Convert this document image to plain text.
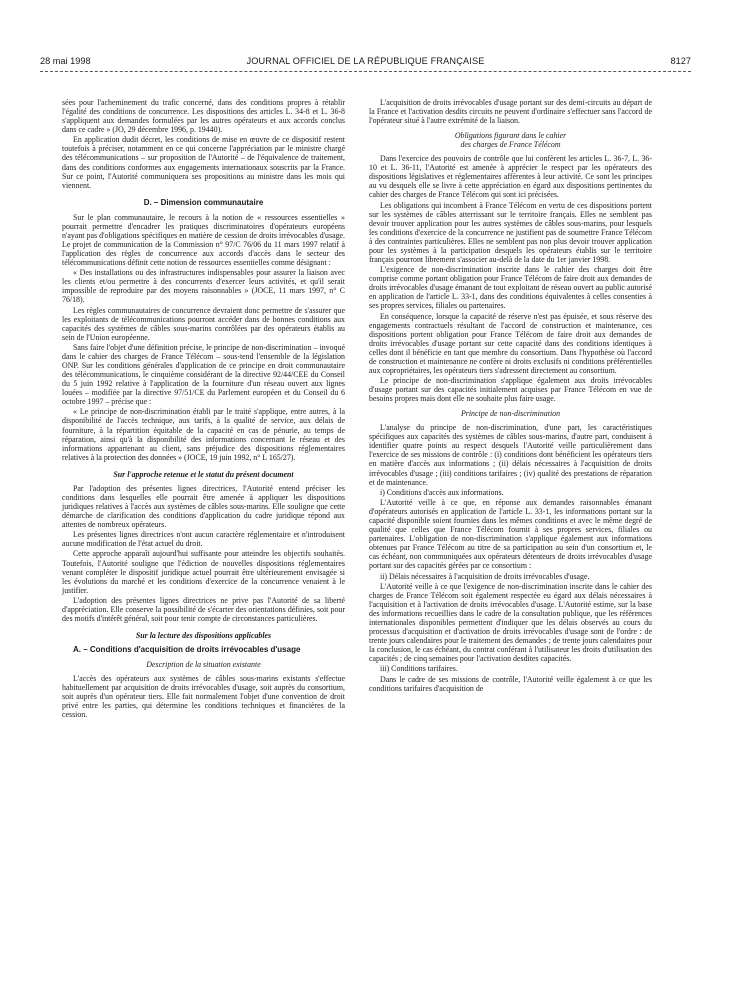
28 mai 1998	JOURNAL OFFICIEL DE LA RÉPUBLIQUE FRANÇAISE	8127

sées pour l'acheminement du trafic concerné, dans des conditions propres à rétablir l'égalité des conditions de concurrence. Les dispositions des articles L. 34-8 et L. 36-8 s'appliquent aux demandes formulées par les autres opérateurs et aux accords conclus dans ce cadre » (JO, 29 décembre 1996, p. 19440).

En application dudit décret, les conditions de mise en œuvre de ce dispositif restent toutefois à préciser, notamment en ce qui concerne l'appréciation par le ministre chargé des télécommunications – sur proposition de l'Autorité – de l'équivalence de traitement, dans des conditions conformes aux engagements internationaux souscrits par la France. Sur ce point, l'Autorité communiquera ses propositions au ministre dans les mois qui viennent.

D. – Dimension communautaire

Sur le plan communautaire, le recours à la notion de « ressources essentielles » pourrait permettre d'encadrer les pratiques discriminatoires d'opérateurs européens n'ayant pas d'obligations spécifiques en matière de cession de droits irrévocables d'usage. Le projet de communication de la Commission n° 97/C 76/06 du 11 mars 1997 relatif à l'application des règles de concurrence aux accords d'accès dans le secteur des télécommunications définit cette notion de ressources essentielles comme désignant :

« Des installations ou des infrastructures indispensables pour assurer la liaison avec les clients et/ou permettre à des concurrents d'exercer leurs activités, et qu'il serait impossible de reproduire par des moyens raisonnables » (JOCE, 11 mars 1997, n° C 76/18).

Les règles communautaires de concurrence devraient donc permettre de s'assurer que les exploitants de télécommunications pourront accéder dans de bonnes conditions aux capacités des systèmes de câbles sous-marins contrôlées par des opérateurs établis au sein de l'Union européenne.

Sans faire l'objet d'une définition précise, le principe de non-discrimination – invoqué dans le cahier des charges de France Télécom – sous-tend l'ensemble de la législation ONP. Sur les conditions générales d'application de ce principe en droit communautaire des télécommunications, le cinquième considérant de la directive 92/44/CEE du Conseil du 5 juin 1992 relative à l'application de la fourniture d'un réseau ouvert aux lignes louées – modifiée par la directive 97/51/CE du Parlement européen et du Conseil du 6 octobre 1997 – précise que :

« Le principe de non-discrimination établi par le traité s'applique, entre autres, à la disponibilité de l'accès technique, aux tarifs, à la qualité de service, aux délais de fourniture, à la répartition équitable de la capacité en cas de pénurie, au temps de réparation, ainsi qu'à la disponibilité des informations concernant le réseau et des informations appartenant au client, sans préjudice des dispositions réglementaires relatives à la protection des données » (JOCE, 19 juin 1992, n° L 165/27).

Sur l'approche retenue et le statut du présent document

Par l'adoption des présentes lignes directrices, l'Autorité entend préciser les conditions dans lesquelles elle pourrait être amenée à appliquer les dispositions juridiques relatives à l'accès aux systèmes de câbles sous-marins. Elle souligne que cette démarche de clarification des conditions d'application du cadre juridique répond aux attentes de nombreux opérateurs.

Les présentes lignes directrices n'ont aucun caractère réglementaire et n'introduisent aucune modification de l'état actuel du droit.

Cette approche apparaît aujourd'hui suffisante pour atteindre les objectifs souhaités. Toutefois, l'Autorité souligne que l'édiction de nouvelles dispositions réglementaires venant compléter le dispositif juridique actuel pourrait être ultérieurement envisagée si les évolutions du marché et les conditions d'exercice de la concurrence venaient à le justifier.

L'adoption des présentes lignes directrices ne prive pas l'Autorité de sa liberté d'appréciation. Elle conserve la possibilité de s'écarter des orientations définies, soit pour des motifs d'intérêt général, soit pour tenir compte de circonstances particulières.

Sur la lecture des dispositions applicables
A. – Conditions d'acquisition de droits irrévocables d'usage
Description de la situation existante

L'accès des opérateurs aux systèmes de câbles sous-marins existants s'effectue habituellement par acquisition de droits irrévocables d'usage, soit auprès du consortium, soit auprès d'un opérateur tiers. Elle fait normalement l'objet d'une convention de droit privé entre les parties, qui détermine les conditions techniques et financières de la cession.

L'acquisition de droits irrévocables d'usage portant sur des demi-circuits au départ de la France et l'activation desdits circuits ne peuvent d'ordinaire s'effectuer sans l'accord de l'opérateur situé à l'autre extrémité de la liaison.

Obligations figurant dans le cahier
des charges de France Télécom

Dans l'exercice des pouvoirs de contrôle que lui confèrent les articles L. 36-7, L. 36-10 et L. 36-11, l'Autorité est amenée à apprécier le respect par les opérateurs des dispositions législatives et réglementaires afférentes à leur activité. Ce sont les principes au vu desquels elle se livre à cette appréciation en égard aux dispositions pertinentes du cahier des charges de France Télécom qui sont ici précisées.

Les obligations qui incombent à France Télécom en vertu de ces dispositions portent sur les systèmes de câbles atterrissant sur le territoire français. Elles ne semblent pas devoir trouver application pour les autres systèmes de câbles sous-marins, pour lesquels les conditions d'exercice de la concurrence ne justifient pas de soumettre France Télécom à des contraintes particulières. Elles ne semblent pas non plus devoir trouver application pour les systèmes à la participation desquels les opérateurs établis sur le territoire français pourront librement s'associer au-delà de la date du 1er janvier 1998.

L'exigence de non-discrimination inscrite dans le cahier des charges doit être comprise comme portant obligation pour France Télécom de faire droit aux demandes de droits irrévocables d'usage émanant de tout exploitant de réseau ouvert au public autorisé en application de l'article L. 33-1, dans des conditions équivalentes à celles consenties à ses propres services, filiales ou partenaires.

En conséquence, lorsque la capacité de réserve n'est pas épuisée, et sous réserve des engagements contractuels résultant de l'accord de construction et maintenance, ces dispositions portent obligation pour France Télécom de faire droit aux demandes de droits irrévocables d'usage portant sur cette capacité dans des conditions identiques à celles dont il bénéficie en tant que membre du consortium. Dans l'hypothèse où l'accord de construction et maintenance ne confère ni droits exclusifs ni conditions préférentielles aux copropriétaires, les opérateurs tiers s'adressent directement au consortium.

Le principe de non-discrimination s'applique également aux droits irrévocables d'usage portant sur des capacités initialement acquises par France Télécom en vue de besoins propres mais dont elle ne souhaite plus faire usage.

Principe de non-discrimination

L'analyse du principe de non-discrimination, d'une part, les caractéristiques spécifiques aux capacités des systèmes de câbles sous-marins, d'autre part, conduisent à identifier quatre points au respect desquels l'Autorité veille particulièrement dans l'exercice de ses missions de contrôle : (i) conditions dont bénéficient les opérateurs tiers en matière d'accès aux informations ; (ii) délais nécessaires à l'acquisition de droits irrévocables d'usage ; (iii) conditions tarifaires ; (iv) qualité des prestations de réparation et de maintenance.

i) Conditions d'accès aux informations.

L'Autorité veille à ce que, en réponse aux demandes raisonnables émanant d'opérateurs autorisés en application de l'article L. 33-1, les informations portant sur la capacité disponible soient fournies dans les mêmes conditions et avec le même degré de qualité que celles que France Télécom fournit à ses propres services, filiales ou partenaires. L'obligation de non-discrimination s'applique également aux informations obtenues par France Télécom au titre de sa participation au sein d'un consortium et, le cas échéant, non communiquées aux opérateurs détenteurs de droits irrévocables d'usage portant sur des capacités gérées par ce consortium :

ii) Délais nécessaires à l'acquisition de droits irrévocables d'usage.

L'Autorité veille à ce que l'exigence de non-discrimination inscrite dans le cahier des charges de France Télécom soit également respectée eu égard aux délais nécessaires à l'acquisition et à l'activation de droits irrévocables d'usage. L'Autorité estime, sur la base des informations recueillies dans le cadre de la consultation publique, que les références internationales disponibles permettent d'indiquer que les délais observés au cours du processus d'acquisition et d'activation de droits irrévocables d'usage sont de l'ordre : de trente jours calendaires pour le traitement des demandes ; de trente jours calendaires pour la conclusion, le cas échéant, du contrat conférant à l'utilisateur les droits d'utilisation des capacités ; de cinq semaines pour l'activation desdites capacités.

iii) Conditions tarifaires.

Dans le cadre de ses missions de contrôle, l'Autorité veille également à ce que les conditions tarifaires d'acquisition de
